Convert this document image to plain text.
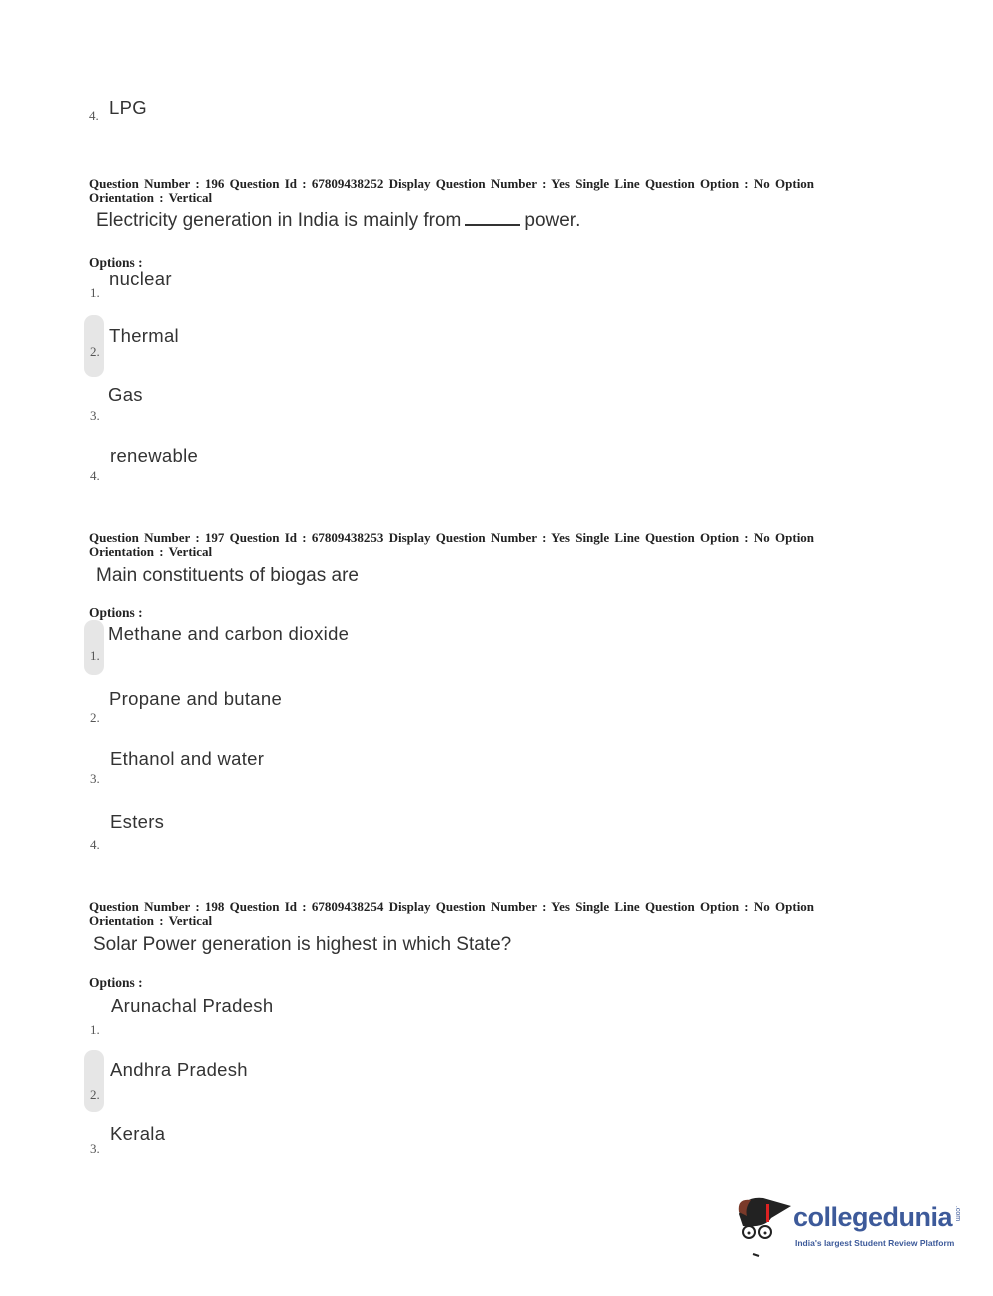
4. LPG
collegedunia .com
India's largest Student Review Platform
Question Number : 196 Question Id : 67809438252 Display Question Number : Yes Single Line Question Option : No Option Orientation : Vertical
Electricity generation in India is mainly from	power.
Options :
1.
nuclear
2.
Thermal
3.
Gas
4.
renewable
Question Number : 197 Question Id : 67809438253 Display Question Number : Yes Single Line Question Option : No Option Orientation : Vertical
Main constituents of biogas are
Options :
1.
Methane and carbon dioxide
2.
Propane and butane
3.
Ethanol and water
4.
Esters
Question Number : 198 Question Id : 67809438254 Display Question Number : Yes Single Line Question Option : No Option Orientation : Vertical
Solar Power generation is highest in which State?
Options :
1.
Arunachal Pradesh
2.
Andhra Pradesh
3.
Kerala
